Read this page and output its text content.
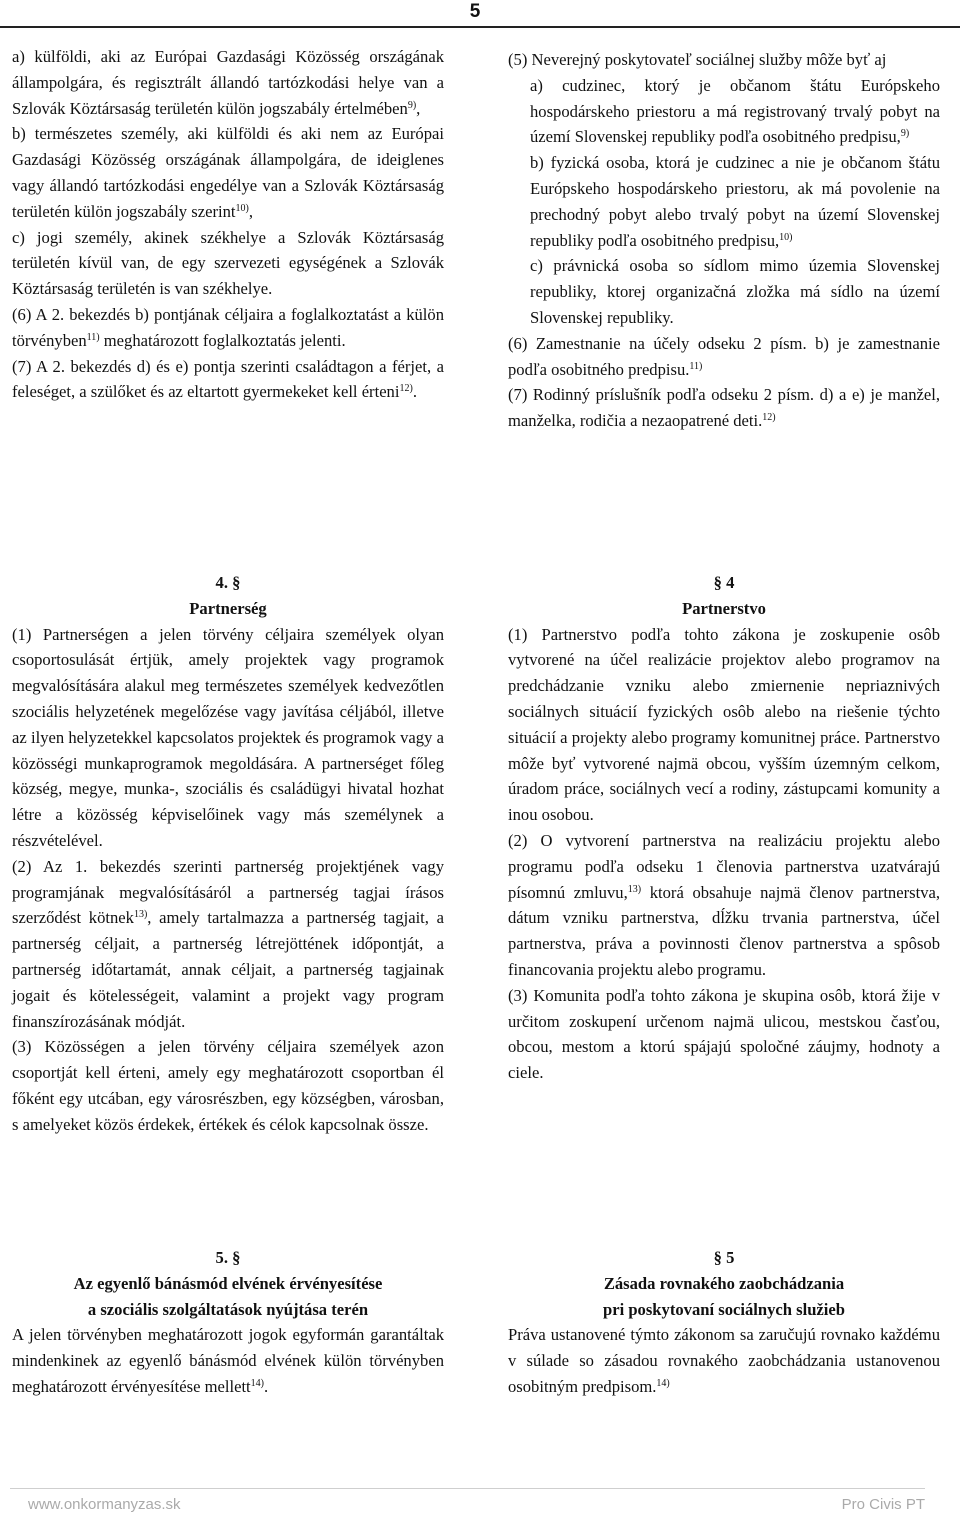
5

a) külföldi, aki az Európai Gazdasági Közösség országának állampolgára, és regisztrált állandó tartózkodási helye van a Szlovák Köztársaság területén külön jogszabály értelmében$^{9)}$,

b) természetes személy, aki külföldi és aki nem az Európai Gazdasági Közösség országának állampolgára, de ideiglenes vagy állandó tartózkodási engedélye van a Szlovák Köztársaság területén külön jogszabály szerint$^{10)}$,

c) jogi személy, akinek székhelye a Szlovák Köztársaság területén kívül van, de egy szervezeti egységének a Szlovák Köztársaság területén is van székhelye.

(6) A 2. bekezdés b) pontjának céljaira a foglalkoztatást a külön törvényben$^{11)}$ meghatározott foglalkoztatás jelenti.

(7) A 2. bekezdés d) és e) pontja szerinti családtagon a férjet, a feleséget, a szülőket és az eltartott gyermekeket kell érteni$^{12)}$.

(5) Neverejný poskytovateľ sociálnej služby môže byť aj

a) cudzinec, ktorý je občanom štátu Európskeho hospodárskeho priestoru a má registrovaný trvalý pobyt na území Slovenskej republiky podľa osobitného predpisu,$^{9)}$

b) fyzická osoba, ktorá je cudzinec a nie je občanom štátu Európskeho hospodárskeho priestoru, ak má povolenie na prechodný pobyt alebo trvalý pobyt na území Slovenskej republiky podľa osobitného predpisu,$^{10)}$

c) právnická osoba so sídlom mimo územia Slovenskej republiky, ktorej organizačná zložka má sídlo na území Slovenskej republiky.

(6) Zamestnanie na účely odseku 2 písm. b) je zamestnanie podľa osobitného predpisu.$^{11)}$

(7) Rodinný príslušník podľa odseku 2 písm. d) a e) je manžel, manželka, rodičia a nezaopatrené deti.$^{12)}$

4. §

Partnerség

(1) Partnerségen a jelen törvény céljaira személyek olyan csoportosulását értjük, amely projektek vagy programok megvalósítására alakul meg természetes személyek kedvezőtlen szociális helyzetének megelőzése vagy javítása céljából, illetve az ilyen helyzetekkel kapcsolatos projektek és programok vagy a közösségi munkaprogramok megoldására. A partnerséget főleg község, megye, munka-, szociális és családügyi hivatal hozhat létre a közösség képviselőinek vagy más személynek a részvételével.

(2) Az 1. bekezdés szerinti partnerség projektjének vagy programjának megvalósításáról a partnerség tagjai írásos szerződést kötnek$^{13)}$, amely tartalmazza a partnerség tagjait, a partnerség céljait, a partnerség létrejöttének időpontját, a partnerség időtartamát, annak céljait, a partnerség tagjainak jogait és kötelességeit, valamint a projekt vagy program finanszírozásának módját.

(3) Közösségen a jelen törvény céljaira személyek azon csoportját kell érteni, amely egy meghatározott csoportban él főként egy utcában, egy városrészben, egy községben, városban, s amelyeket közös érdekek, értékek és célok kapcsolnak össze.

§ 4

Partnerstvo

(1) Partnerstvo podľa tohto zákona je zoskupenie osôb vytvorené na účel realizácie projektov alebo programov na predchádzanie vzniku alebo zmiernenie nepriaznivých sociálnych situácií fyzických osôb alebo na riešenie týchto situácií a projekty alebo programy komunitnej práce. Partnerstvo môže byť vytvorené najmä obcou, vyšším územným celkom, úradom práce, sociálnych vecí a rodiny, zástupcami komunity a inou osobou.

(2) O vytvorení partnerstva na realizáciu projektu alebo programu podľa odseku 1 členovia partnerstva uzatvárajú písomnú zmluvu,$^{13)}$ ktorá obsahuje najmä členov partnerstva, dátum vzniku partnerstva, dĺžku trvania partnerstva, účel partnerstva, práva a povinnosti členov partnerstva a spôsob financovania projektu alebo programu.

(3) Komunita podľa tohto zákona je skupina osôb, ktorá žije v určitom zoskupení určenom najmä ulicou, mestskou časťou, obcou, mestom a ktorú spájajú spoločné záujmy, hodnoty a ciele.

5. §

Az egyenlő bánásmód elvének érvényesítése

a szociális szolgáltatások nyújtása terén

A jelen törvényben meghatározott jogok egyformán garantáltak mindenkinek az egyenlő bánásmód elvének külön törvényben meghatározott érvényesítése mellett$^{14)}$.

§ 5

Zásada rovnakého zaobchádzania

pri poskytovaní sociálnych služieb

Práva ustanovené týmto zákonom sa zaručujú rovnako každému v súlade so zásadou rovnakého zaobchádzania ustanovenou osobitným predpisom.$^{14)}$

www.onkormanyzas.sk	Pro Civis PT
